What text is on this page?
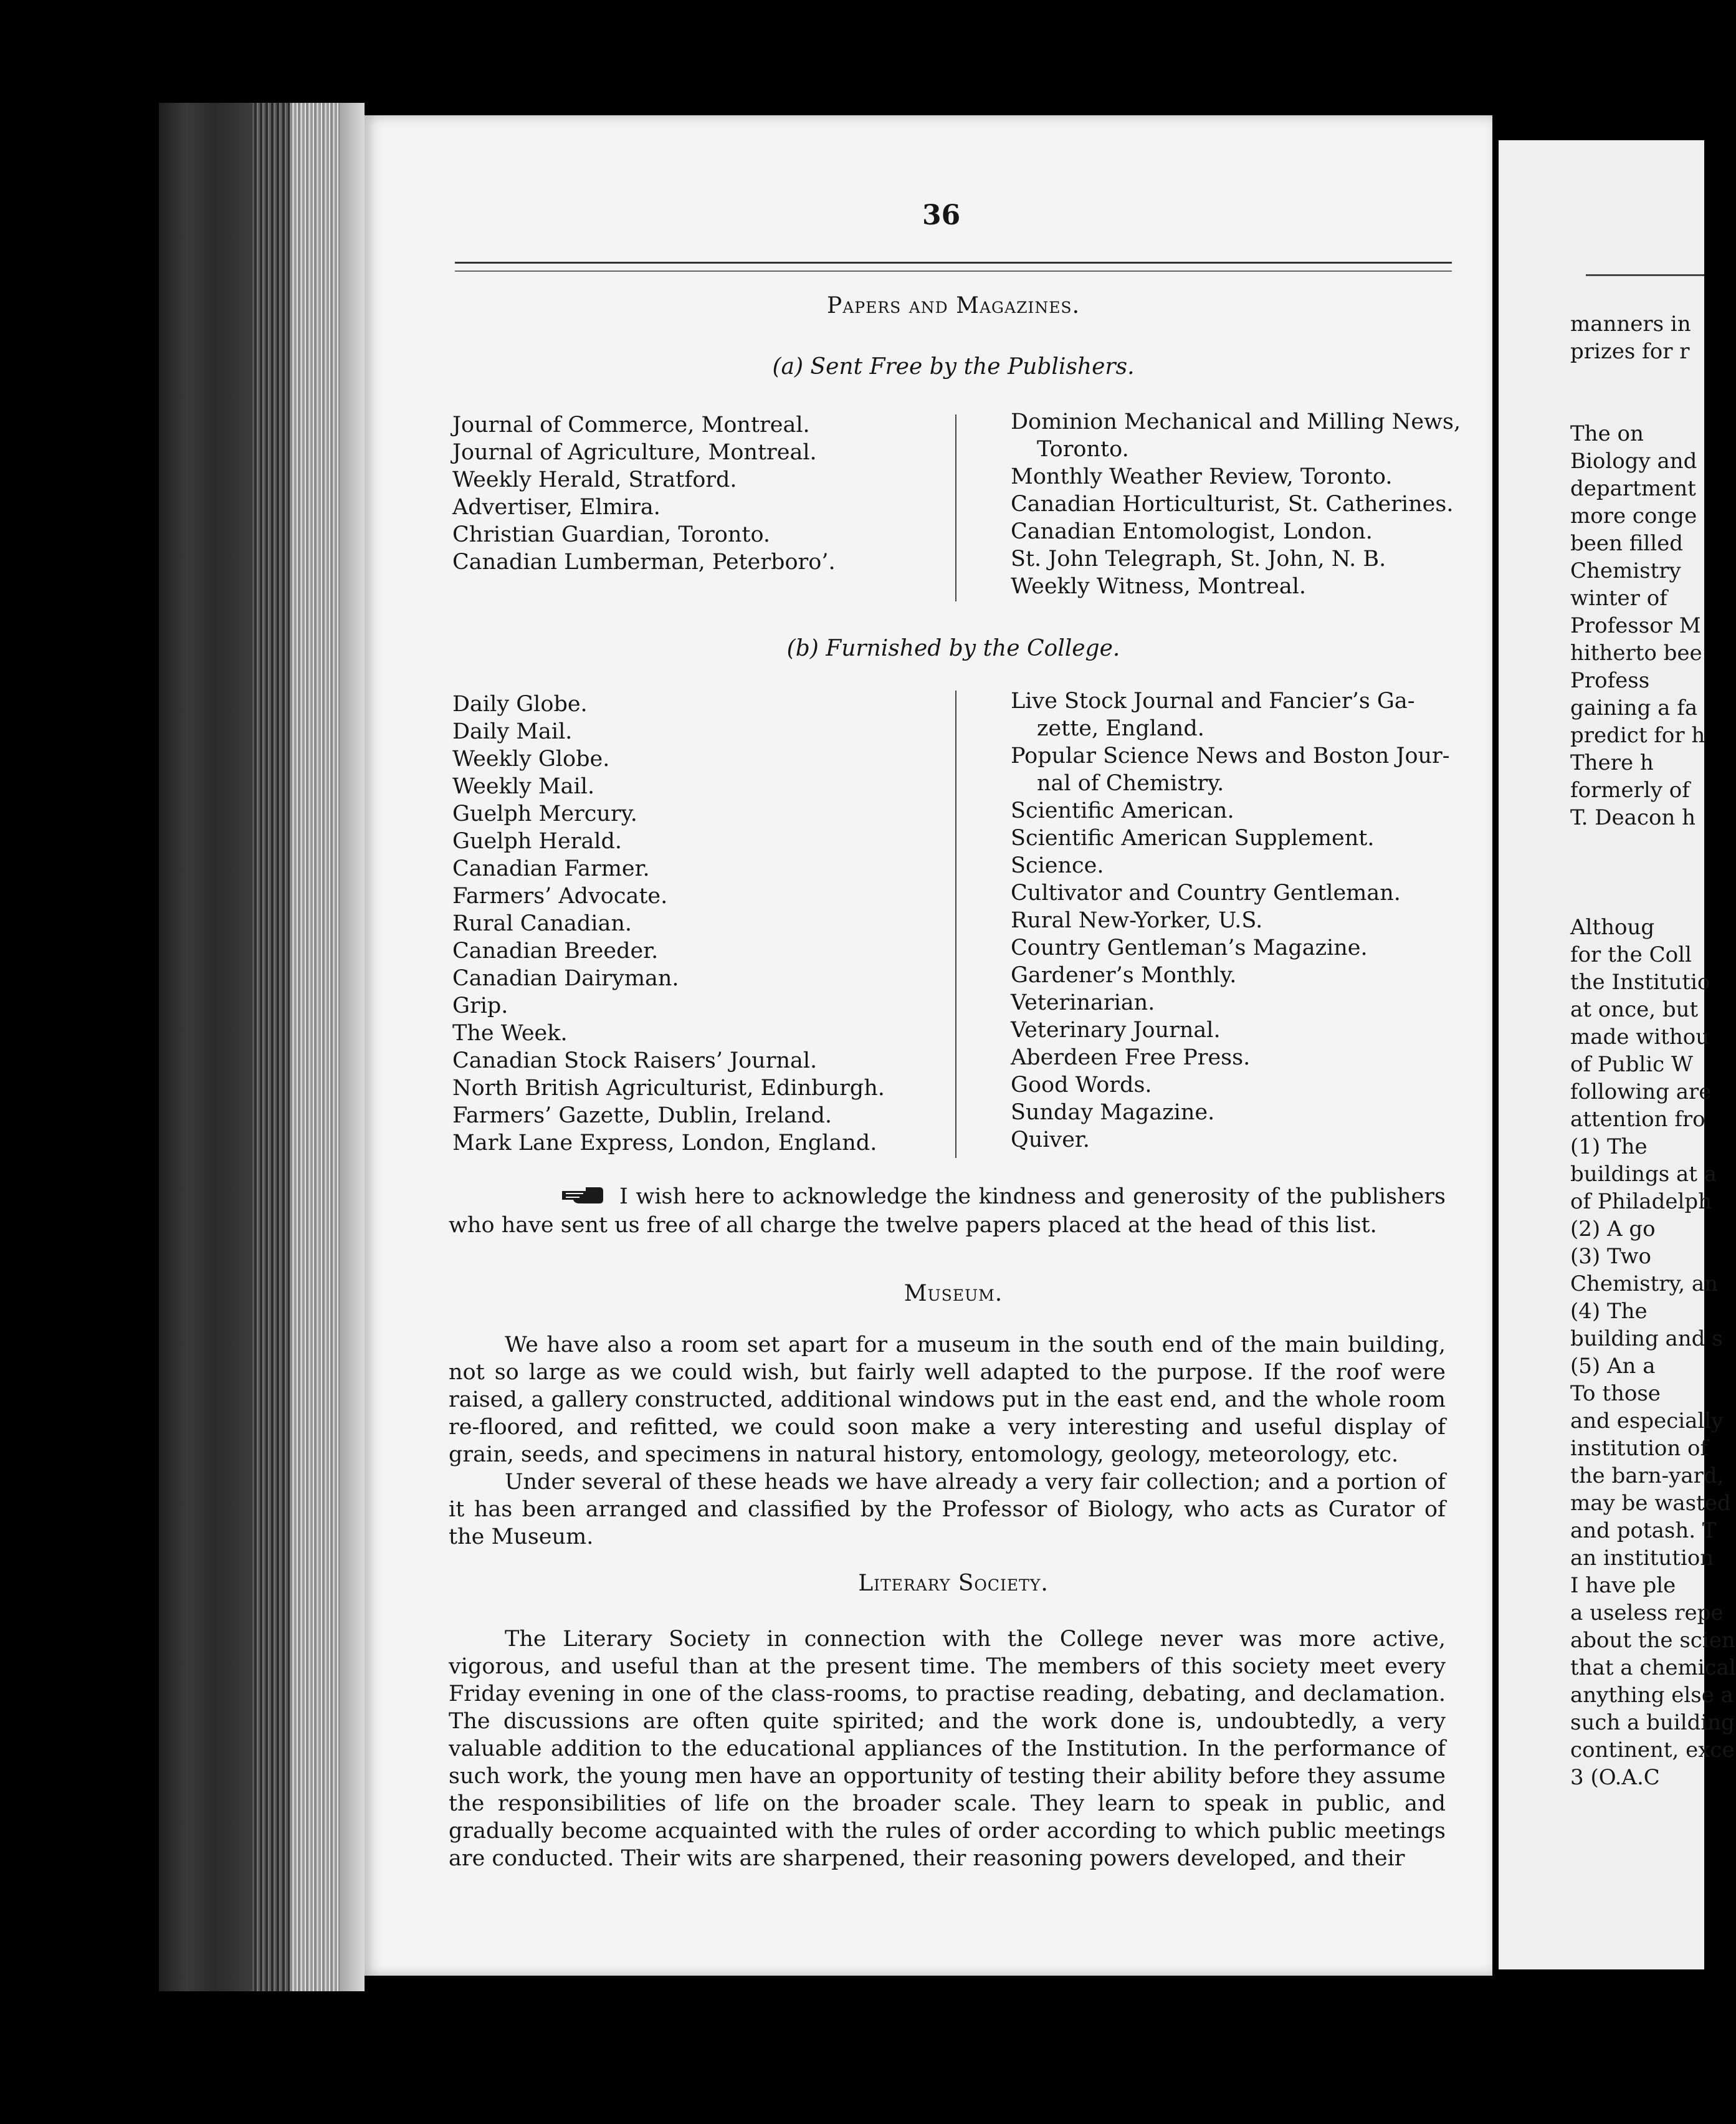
36
Papers and Magazines.
(a) Sent Free by the Publishers.
Journal of Commerce, Montreal.
Journal of Agriculture, Montreal.
Weekly Herald, Stratford.
Advertiser, Elmira.
Christian Guardian, Toronto.
Canadian Lumberman, Peterboro’.
Dominion Mechanical and Milling News,
Toronto.
Monthly Weather Review, Toronto.
Canadian Horticulturist, St. Catherines.
Canadian Entomologist, London.
St. John Telegraph, St. John, N. B.
Weekly Witness, Montreal.
(b) Furnished by the College.
Daily Globe.
Daily Mail.
Weekly Globe.
Weekly Mail.
Guelph Mercury.
Guelph Herald.
Canadian Farmer.
Farmers’ Advocate.
Rural Canadian.
Canadian Breeder.
Canadian Dairyman.
Grip.
The Week.
Canadian Stock Raisers’ Journal.
North British Agriculturist, Edinburgh.
Farmers’ Gazette, Dublin, Ireland.
Mark Lane Express, London, England.
Live Stock Journal and Fancier’s Ga-
zette, England.
Popular Science News and Boston Jour-
nal of Chemistry.
Scientific American.
Scientific American Supplement.
Science.
Cultivator and Country Gentleman.
Rural New-Yorker, U.S.
Country Gentleman’s Magazine.
Gardener’s Monthly.
Veterinarian.
Veterinary Journal.
Aberdeen Free Press.
Good Words.
Sunday Magazine.
Quiver.

I wish here to acknowledge the kindness and generosity of the publishers who have sent us free of all charge the twelve papers placed at the head of this list.

Museum.

We have also a room set apart for a museum in the south end of the main building, not so large as we could wish, but fairly well adapted to the purpose. If the roof were raised, a gallery constructed, additional windows put in the east end, and the whole room re-floored, and refitted, we could soon make a very interesting and useful display of grain, seeds, and specimens in natural history, entomology, geology, meteorology, etc.

Under several of these heads we have already a very fair collection; and a portion of it has been arranged and classified by the Professor of Biology, who acts as Curator of the Museum.

Literary Society.

The Literary Society in connection with the College never was more active, vigorous, and useful than at the present time. The members of this society meet every Friday evening in one of the class-rooms, to practise reading, debating, and declamation. The discussions are often quite spirited; and the work done is, undoubtedly, a very valuable addition to the educational appliances of the Institution. In the performance of such work, the young men have an opportunity of testing their ability before they assume the responsibilities of life on the broader scale. They learn to speak in public, and gradually become acquainted with the rules of order according to which public meetings are conducted. Their wits are sharpened, their reasoning powers developed, and their

manners in
prizes for r
The on
Biology and
department
more conge
been filled
Chemistry
winter of
Professor M
hitherto bee
Profess
gaining a fa
predict for h
There h
formerly of
T. Deacon h
Althoug
for the Coll
the Institutio
at once, but
made withou
of Public W
following are
attention fro
(1) The
buildings at a
of Philadelph
(2) A go
(3) Two
Chemistry, an
(4) The
building and s
(5) An a
To those
and especially
institution of
the barn-yard,
may be wasted
and potash. T
an institution
I have ple
a useless repe
about the scien
that a chemical
anything else a
such a building
continent, exce
3 (O.A.C
